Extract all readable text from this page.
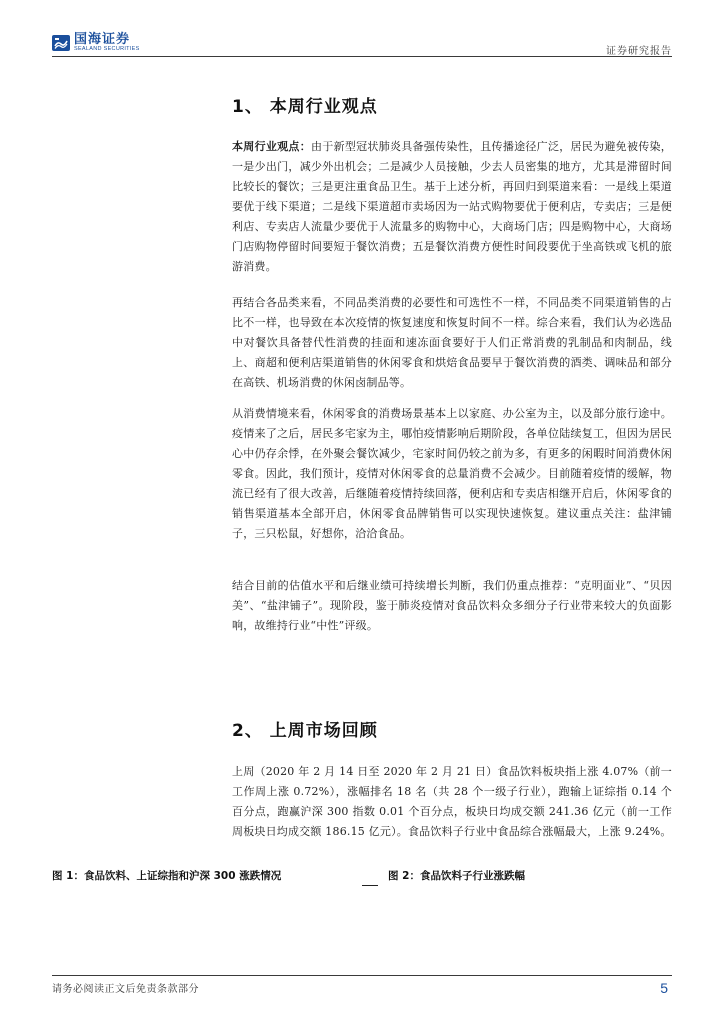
国海证券
SEALAND SECURITIES	证券研究报告
1、 本周行业观点
本周行业观点：由于新型冠状肺炎具备强传染性，且传播途径广泛，居民为避免被传染，一是少出门，减少外出机会；二是减少人员接触，少去人员密集的地方，尤其是滞留时间比较长的餐饮；三是更注重食品卫生。基于上述分析，再回归到渠道来看：一是线上渠道要优于线下渠道；二是线下渠道超市卖场因为一站式购物要优于便利店，专卖店；三是便利店、专卖店人流量少要优于人流量多的购物中心，大商场门店；四是购物中心，大商场门店购物停留时间要短于餐饮消费；五是餐饮消费方便性时间段要优于坐高铁或飞机的旅游消费。
再结合各品类来看，不同品类消费的必要性和可选性不一样，不同品类不同渠道销售的占比不一样，也导致在本次疫情的恢复速度和恢复时间不一样。综合来看，我们认为必选品中对餐饮具备替代性消费的挂面和速冻面食要好于人们正常消费的乳制品和肉制品，线上、商超和便利店渠道销售的休闲零食和烘焙食品要早于餐饮消费的酒类、调味品和部分在高铁、机场消费的休闲卤制品等。
从消费情境来看，休闲零食的消费场景基本上以家庭、办公室为主，以及部分旅行途中。疫情来了之后，居民多宅家为主，哪怕疫情影响后期阶段，各单位陆续复工，但因为居民心中仍存余悸，在外聚会餐饮减少，宅家时间仍较之前为多，有更多的闲暇时间消费休闲零食。因此，我们预计，疫情对休闲零食的总量消费不会减少。目前随着疫情的缓解，物流已经有了很大改善，后继随着疫情持续回落，便利店和专卖店相继开启后，休闲零食的销售渠道基本全部开启，休闲零食品牌销售可以实现快速恢复。建议重点关注：盐津铺子，三只松鼠，好想你，洽洽食品。
结合目前的估值水平和后继业绩可持续增长判断，我们仍重点推荐：“克明面业”、“贝因美”、“盐津铺子”。现阶段，鉴于肺炎疫情对食品饮料众多细分子行业带来较大的负面影响，故维持行业“中性”评级。
2、 上周市场回顾
上周（2020 年 2 月 14 日至 2020 年 2 月 21 日）食品饮料板块指上涨 4.07%（前一工作周上涨 0.72%），涨幅排名 18 名（共 28 个一级子行业），跑输上证综指 0.14 个百分点，跑赢沪深 300 指数 0.01 个百分点，板块日均成交额 241.36 亿元（前一工作周板块日均成交额 186.15 亿元）。食品饮料子行业中食品综合涨幅最大，上涨 9.24%。
图 1：食品饮料、上证综指和沪深 300 涨跌情况	图 2：食品饮料子行业涨跌幅
请务必阅读正文后免责条款部分	5
